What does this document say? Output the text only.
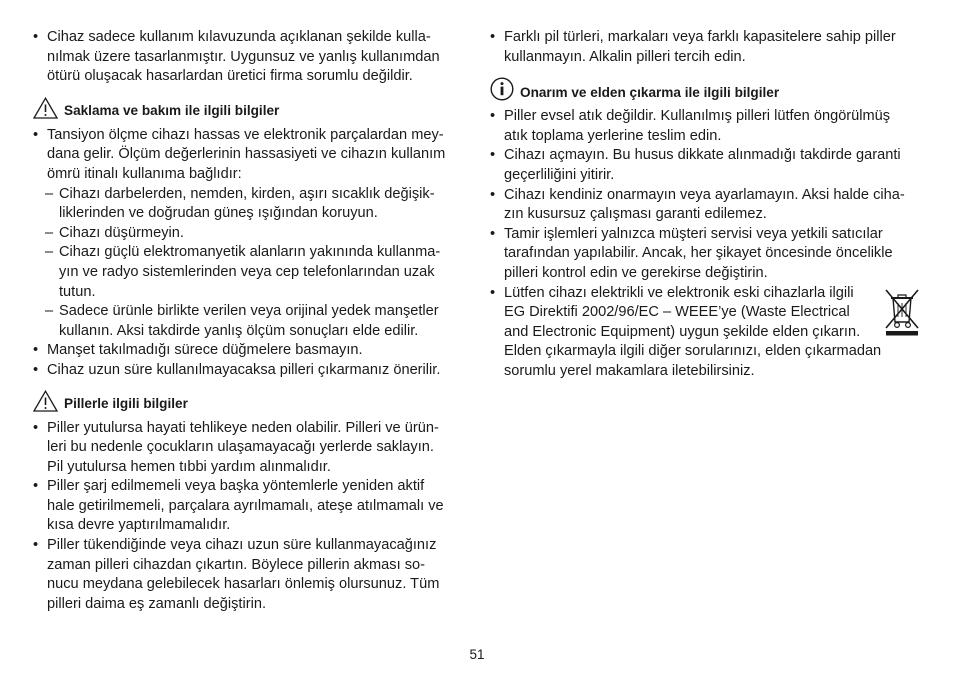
• Cihaz sadece kullanım kılavuzunda açıklanan şekilde kulla-
nılmak üzere tasarlanmıştır. Uygunsuz ve yanlış kullanımdan
ötürü oluşacak hasarlardan üretici firma sorumlu değildir.
Saklama ve bakım ile ilgili bilgiler
• Tansiyon ölçme cihazı hassas ve elektronik parçalardan mey-
dana gelir. Ölçüm değerlerinin hassasiyeti ve cihazın kullanım
ömrü itinalı kullanıma bağlıdır:
– Cihazı darbelerden, nemden, kirden, aşırı sıcaklık değişik-
liklerinden ve doğrudan güneş ışığından koruyun.
– Cihazı düşürmeyin.
– Cihazı güçlü elektromanyetik alanların yakınında kullanma-
yın ve radyo sistemlerinden veya cep telefonlarından uzak
tutun.
– Sadece ürünle birlikte verilen veya orijinal yedek manşetler
kullanın. Aksi takdirde yanlış ölçüm sonuçları elde edilir.
• Manşet takılmadığı sürece düğmelere basmayın.
• Cihaz uzun süre kullanılmayacaksa pilleri çıkarmanız önerilir.
Pillerle ilgili bilgiler
• Piller yutulursa hayati tehlikeye neden olabilir. Pilleri ve ürün-
leri bu nedenle çocukların ulaşamayacağı yerlerde saklayın.
Pil yutulursa hemen tıbbi yardım alınmalıdır.
• Piller şarj edilmemeli veya başka yöntemlerle yeniden aktif
hale getirilmemeli, parçalara ayrılmamalı, ateşe atılmamalı ve
kısa devre yaptırılmamalıdır.
• Piller tükendiğinde veya cihazı uzun süre kullanmayacağınız
zaman pilleri cihazdan çıkartın. Böylece pillerin akması so-
nucu meydana gelebilecek hasarları önlemiş olursunuz. Tüm
pilleri daima eş zamanlı değiştirin.
• Farklı pil türleri, markaları veya farklı kapasitelere sahip piller
kullanmayın. Alkalin pilleri tercih edin.
Onarım ve elden çıkarma ile ilgili bilgiler
• Piller evsel atık değildir. Kullanılmış pilleri lütfen öngörülmüş
atık toplama yerlerine teslim edin.
• Cihazı açmayın. Bu husus dikkate alınmadığı takdirde garanti
geçerliliğini yitirir.
• Cihazı kendiniz onarmayın veya ayarlamayın. Aksi halde ciha-
zın kusursuz çalışması garanti edilemez.
• Tamir işlemleri yalnızca müşteri servisi veya yetkili satıcılar
tarafından yapılabilir. Ancak, her şikayet öncesinde öncelikle
pilleri kontrol edin ve gerekirse değiştirin.
• Lütfen cihazı elektrikli ve elektronik eski cihazlarla ilgili
EG Direktifi 2002/96/EC – WEEE’ye (Waste Electrical
and Electronic Equipment) uygun şekilde elden çıkarın.
Elden çıkarmayla ilgili diğer sorularınızı, elden çıkarmadan
sorumlu yerel makamlara iletebilirsiniz.
51
